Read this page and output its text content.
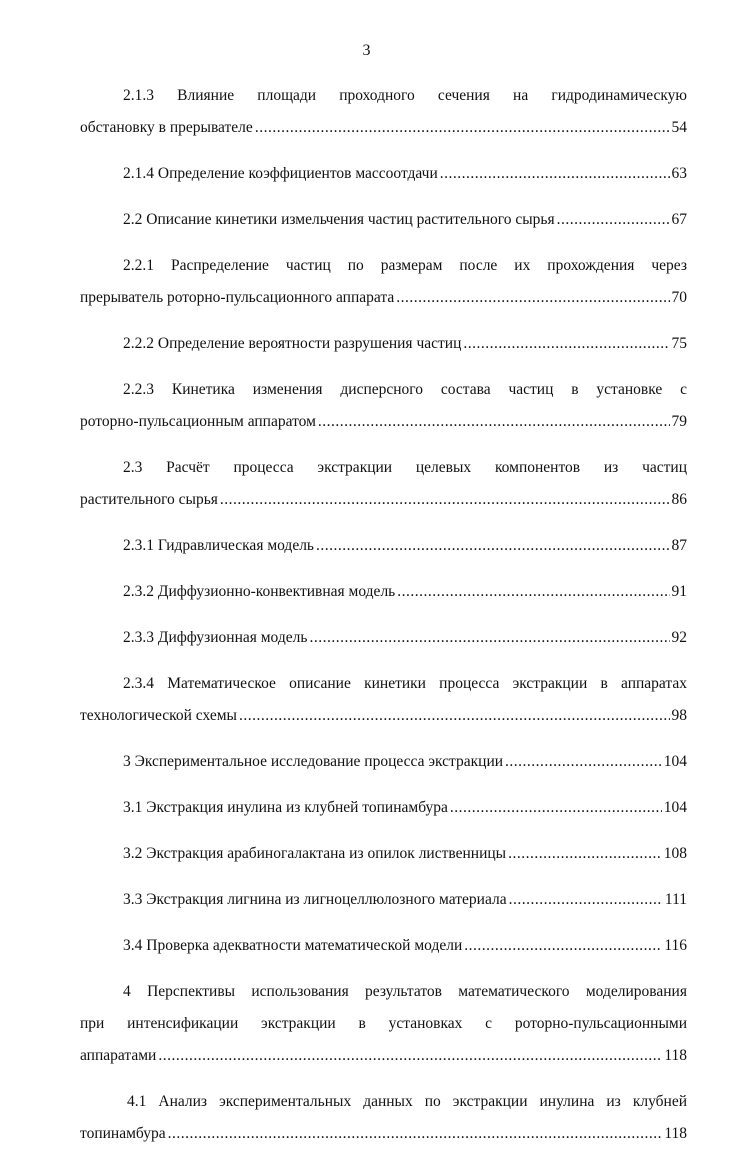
3
2.1.3 Влияние площади проходного сечения на гидродинамическую
обстановку в прерывателе .....	54
2.1.4 Определение коэффициентов массоотдачи .....	63
2.2 Описание кинетики измельчения частиц растительного сырья .....	67
2.2.1 Распределение частиц по размерам после их прохождения через
прерыватель роторно-пульсационного аппарата .....	70
2.2.2 Определение вероятности разрушения частиц .....	75
2.2.3 Кинетика изменения дисперсного состава частиц в установке с
роторно-пульсационным аппаратом .....	79
2.3 Расчёт процесса экстракции целевых компонентов из частиц
растительного сырья .....	86
2.3.1 Гидравлическая модель .....	87
2.3.2 Диффузионно-конвективная модель .....	91
2.3.3 Диффузионная модель .....	92
2.3.4 Математическое описание кинетики процесса экстракции в аппаратах
технологической схемы .....	98
3 Экспериментальное исследование процесса экстракции .....	104
3.1 Экстракция инулина из клубней топинамбура .....	104
3.2 Экстракция арабиногалактана из опилок лиственницы .....	108
3.3 Экстракция лигнина из лигноцеллюлозного материала .....	111
3.4 Проверка адекватности математической модели .....	116
4 Перспективы использования результатов математического моделирования
при интенсификации экстракции в установках с роторно-пульсационными
аппаратами .....	118
4.1 Анализ экспериментальных данных по экстракции инулина из клубней
топинамбура .....	118
